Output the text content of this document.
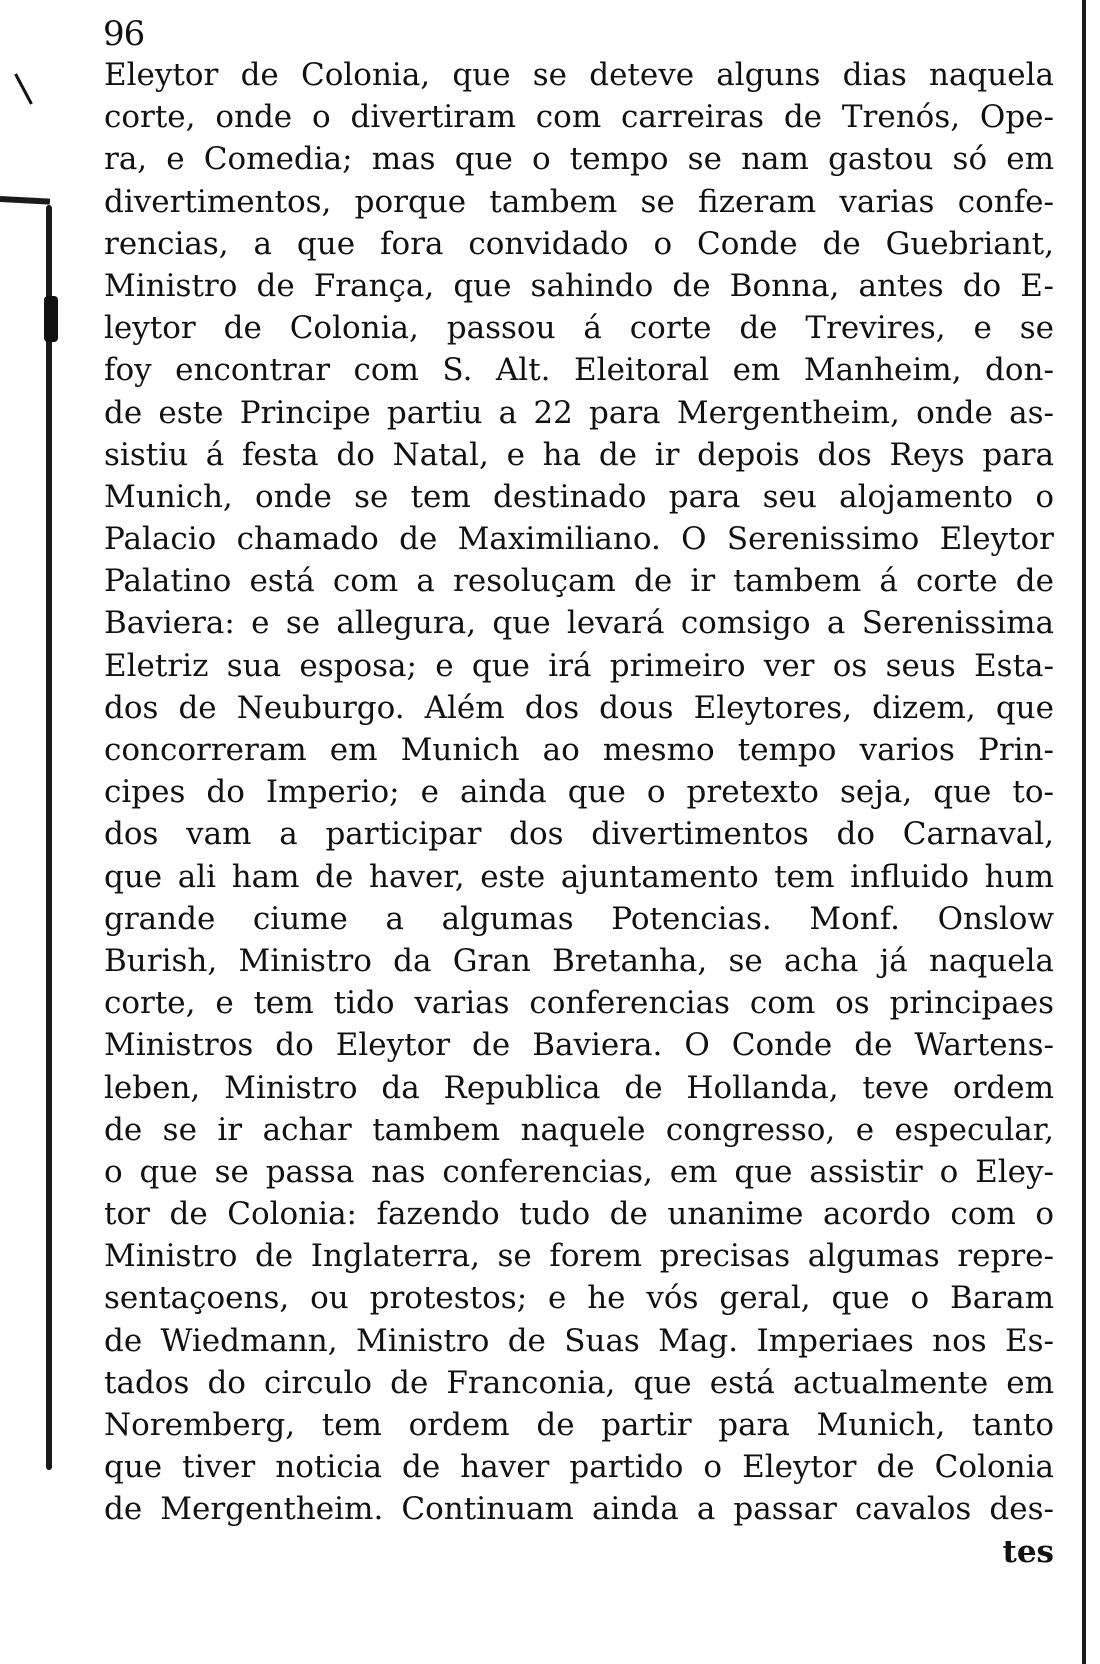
96
Eleytor de Colonia, que se deteve alguns dias naquela
corte, onde o divertiram com carreiras de Trenós, Ope-
ra, e Comedia; mas que o tempo se nam gastou só em
divertimentos, porque tambem se fizeram varias confe-
rencias, a que fora convidado o Conde de Guebriant,
Ministro de França, que sahindo de Bonna, antes do E-
leytor de Colonia, passou á corte de Trevires, e se
foy encontrar com S. Alt. Eleitoral em Manheim, don-
de este Principe partiu a 22 para Mergentheim, onde as-
sistiu á festa do Natal, e ha de ir depois dos Reys para
Munich, onde se tem destinado para seu alojamento o
Palacio chamado de Maximiliano. O Serenissimo Eleytor
Palatino está com a resoluçam de ir tambem á corte de
Baviera: e se allegura, que levará comsigo a Serenissima
Eletriz sua esposa; e que irá primeiro ver os seus Esta-
dos de Neuburgo. Além dos dous Eleytores, dizem, que
concorreram em Munich ao mesmo tempo varios Prin-
cipes do Imperio; e ainda que o pretexto seja, que to-
dos vam a participar dos divertimentos do Carnaval,
que ali ham de haver, este ajuntamento tem influido hum
grande ciume a algumas Potencias. Monf. Onslow
Burish, Ministro da Gran Bretanha, se acha já naquela
corte, e tem tido varias conferencias com os principaes
Ministros do Eleytor de Baviera. O Conde de Wartens-
leben, Ministro da Republica de Hollanda, teve ordem
de se ir achar tambem naquele congresso, e especular,
o que se passa nas conferencias, em que assistir o Eley-
tor de Colonia: fazendo tudo de unanime acordo com o
Ministro de Inglaterra, se forem precisas algumas repre-
sentaçoens, ou protestos; e he vós geral, que o Baram
de Wiedmann, Ministro de Suas Mag. Imperiaes nos Es-
tados do circulo de Franconia, que está actualmente em
Noremberg, tem ordem de partir para Munich, tanto
que tiver noticia de haver partido o Eleytor de Colonia
de Mergentheim. Continuam ainda a passar cavalos des-
tes
